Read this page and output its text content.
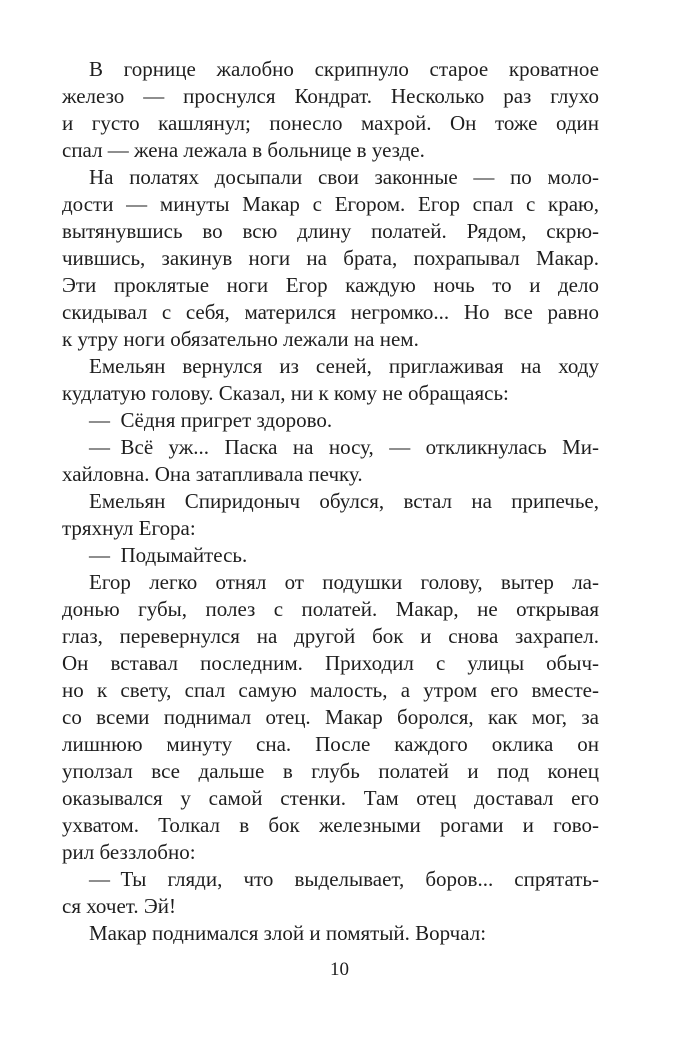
В горнице жалобно скрипнуло старое кроватное
железо — проснулся Кондрат. Несколько раз глухо
и густо кашлянул; понесло махрой. Он тоже один
спал — жена лежала в больнице в уезде.
На полатях досыпали свои законные — по моло-
дости — минуты Макар с Егором. Егор спал с краю,
вытянувшись во всю длину полатей. Рядом, скрю-
чившись, закинув ноги на брата, похрапывал Макар.
Эти проклятые ноги Егор каждую ночь то и дело
скидывал с себя, матерился негромко... Но все равно
к утру ноги обязательно лежали на нем.
Емельян вернулся из сеней, приглаживая на ходу
кудлатую голову. Сказал, ни к кому не обращаясь:
— Сёдня пригрет здорово.
— Всё уж... Паска на носу, — откликнулась Ми-
хайловна. Она затапливала печку.
Емельян Спиридоныч обулся, встал на припечье,
тряхнул Егора:
— Подымайтесь.
Егор легко отнял от подушки голову, вытер ла-
донью губы, полез с полатей. Макар, не открывая
глаз, перевернулся на другой бок и снова захрапел.
Он вставал последним. Приходил с улицы обыч-
но к свету, спал самую малость, а утром его вместе-
со всеми поднимал отец. Макар боролся, как мог, за
лишнюю минуту сна. После каждого оклика он
уползал все дальше в глубь полатей и под конец
оказывался у самой стенки. Там отец доставал его
ухватом. Толкал в бок железными рогами и гово-
рил беззлобно:
— Ты гляди, что выделывает, боров... спрятать-
ся хочет. Эй!
Макар поднимался злой и помятый. Ворчал:
10
